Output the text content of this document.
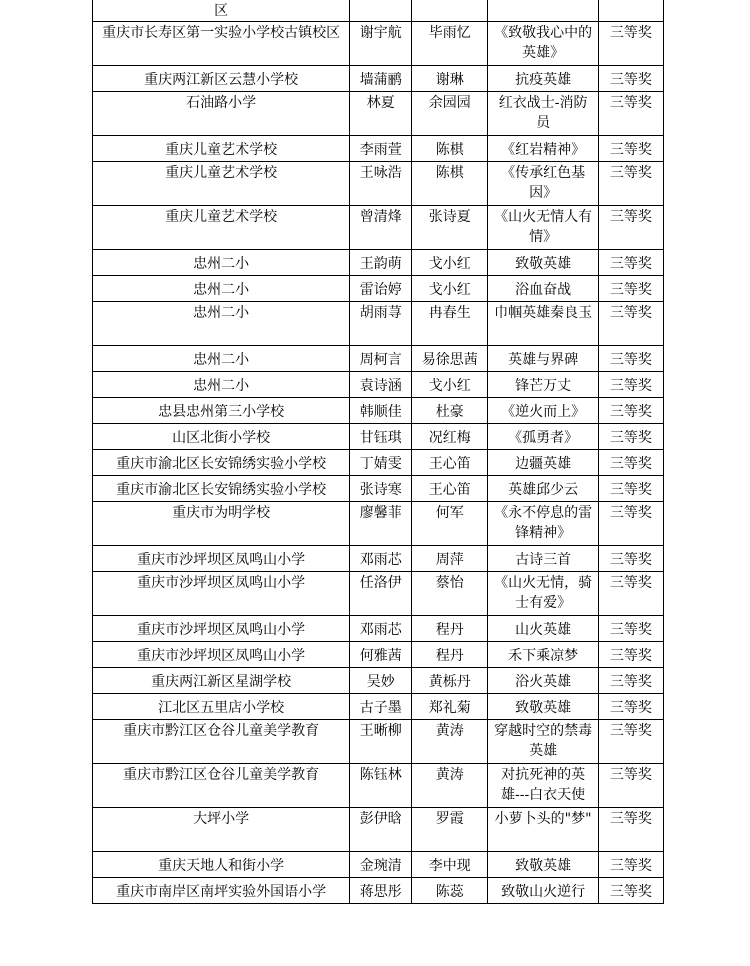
区				
重庆市长寿区第一实验小学校古镇校区	谢宇航	毕雨忆	《致敬我心中的英雄》	三等奖
重庆两江新区云慧小学校	墙蒲鹂	谢琳	抗疫英雄	三等奖
石油路小学	林夏	余园园	红衣战士-消防员	三等奖
重庆儿童艺术学校	李雨萱	陈棋	《红岩精神》	三等奖
重庆儿童艺术学校	王咏浩	陈棋	《传承红色基因》	三等奖
重庆儿童艺术学校	曾清烽	张诗夏	《山火无情人有情》	三等奖
忠州二小	王韵萌	戈小红	致敬英雄	三等奖
忠州二小	雷诒婷	戈小红	浴血奋战	三等奖
忠州二小	胡雨荨	冉春生	巾帼英雄秦良玉	三等奖
忠州二小	周柯言	易徐思茜	英雄与界碑	三等奖
忠州二小	袁诗涵	戈小红	锋芒万丈	三等奖
忠县忠州第三小学校	韩顺佳	杜豪	《逆火而上》	三等奖
山区北街小学校	甘钰琪	况红梅	《孤勇者》	三等奖
重庆市渝北区长安锦绣实验小学校	丁婧雯	王心笛	边疆英雄	三等奖
重庆市渝北区长安锦绣实验小学校	张诗寒	王心笛	英雄邱少云	三等奖
重庆市为明学校	廖馨菲	何军	《永不停息的雷锋精神》	三等奖
重庆市沙坪坝区凤鸣山小学	邓雨芯	周萍	古诗三首	三等奖
重庆市沙坪坝区凤鸣山小学	任洛伊	蔡怡	《山火无情，骑士有爱》	三等奖
重庆市沙坪坝区凤鸣山小学	邓雨芯	程丹	山火英雄	三等奖
重庆市沙坪坝区凤鸣山小学	何雅茜	程丹	禾下乘凉梦	三等奖
重庆两江新区星湖学校	吴妙	黄栎丹	浴火英雄	三等奖
江北区五里店小学校	古子墨	郑礼菊	致敬英雄	三等奖
重庆市黔江区仓谷儿童美学教育	王晰柳	黄涛	穿越时空的禁毒英雄	三等奖
重庆市黔江区仓谷儿童美学教育	陈钰林	黄涛	对抗死神的英雄---白衣天使	三等奖
大坪小学	彭伊晗	罗霞	小萝卜头的"梦"	三等奖
重庆天地人和街小学	金琬清	李中现	致敬英雄	三等奖
重庆市南岸区南坪实验外国语小学	蒋思彤	陈蕊	致敬山火逆行	三等奖
